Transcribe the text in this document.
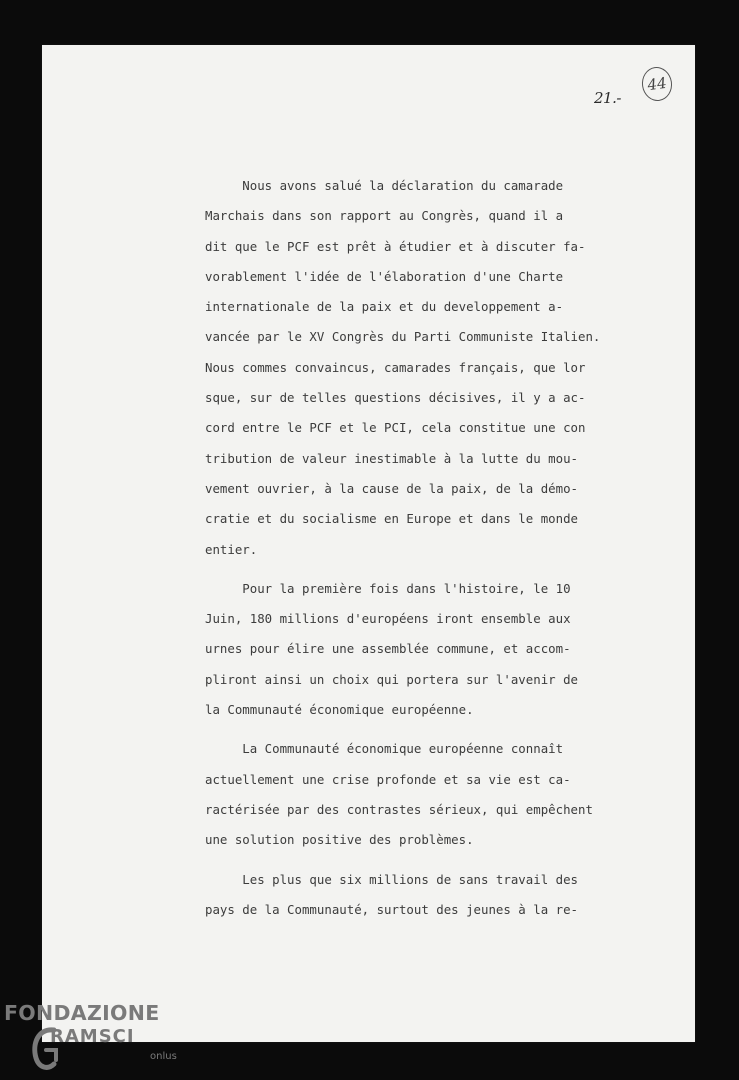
21.-
44
Nous avons salué la déclaration du camarade
Marchais dans son rapport au Congrès, quand il a
dit que le PCF est prêt à étudier et à discuter fa-
vorablement l'idée de l'élaboration d'une Charte
internationale de la paix et du developpement a-
vancée par le XV Congrès du Parti Communiste Italien.
Nous commes convaincus, camarades français, que lor
sque, sur de telles questions décisives, il y a ac-
cord entre le PCF et le PCI, cela constitue une con
tribution de valeur inestimable à la lutte du mou-
vement ouvrier, à la cause de la paix, de la démo-
cratie et du socialisme en Europe et dans le monde
entier.
Pour la première fois dans l'histoire, le 10
Juin, 180 millions d'européens iront ensemble aux
urnes pour élire une assemblée commune, et accom-
pliront ainsi un choix qui portera sur l'avenir de
la Communauté économique européenne.
La Communauté économique européenne connaît
actuellement une crise profonde et sa vie est ca-
ractérisée par des contrastes sérieux, qui empêchent
une solution positive des problèmes.
Les plus que six millions de sans travail des
pays de la Communauté, surtout des jeunes à la re-
FONDAZIONE
RAMSCI
onlus
